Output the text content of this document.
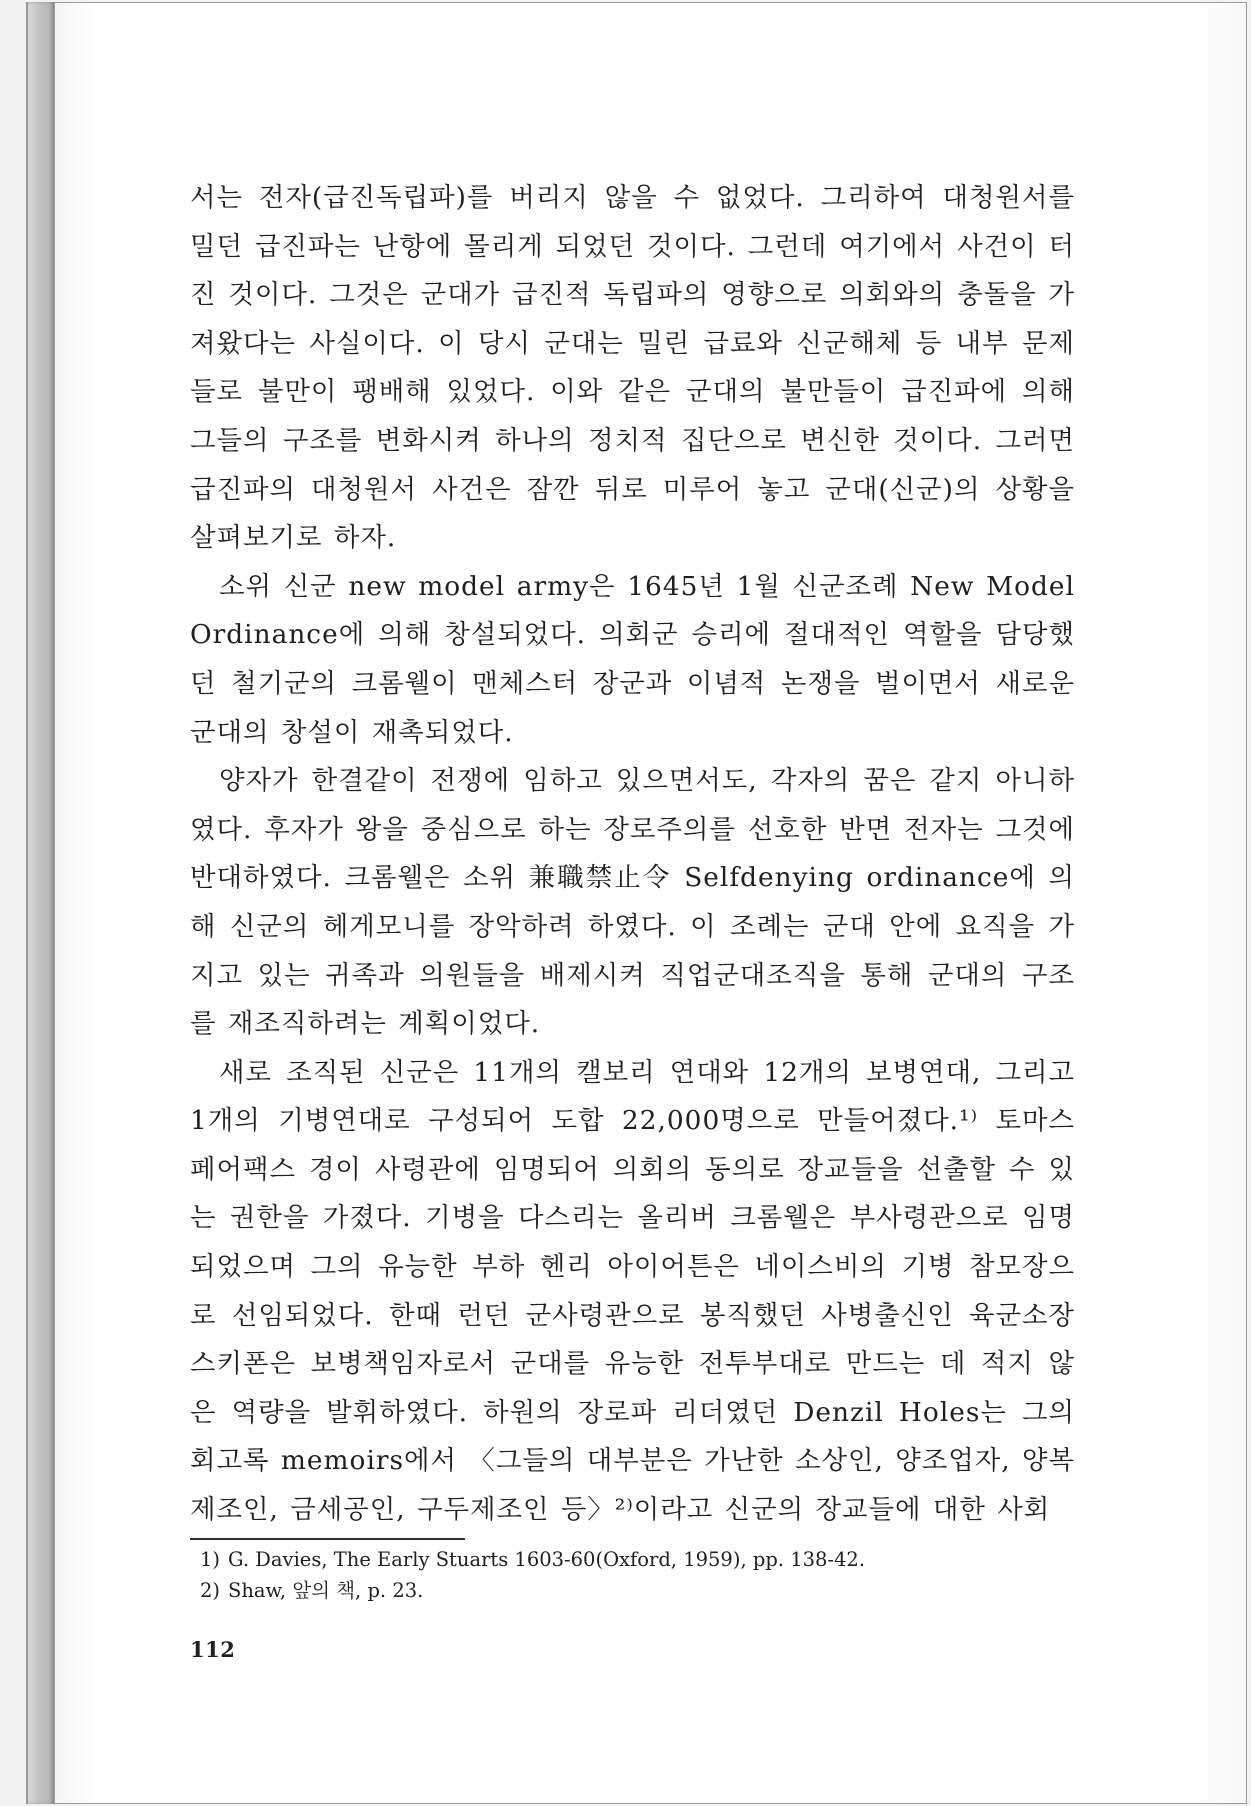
서는 전자(급진독립파)를 버리지 않을 수 없었다. 그리하여 대청원서를 밀던 급진파는 난항에 몰리게 되었던 것이다. 그런데 여기에서 사건이 터진 것이다. 그것은 군대가 급진적 독립파의 영향으로 의회와의 충돌을 가져왔다는 사실이다. 이 당시 군대는 밀린 급료와 신군해체 등 내부 문제들로 불만이 팽배해 있었다. 이와 같은 군대의 불만들이 급진파에 의해 그들의 구조를 변화시켜 하나의 정치적 집단으로 변신한 것이다. 그러면 급진파의 대청원서 사건은 잠깐 뒤로 미루어 놓고 군대(신군)의 상황을 살펴보기로 하자.

소위 신군 new model army은 1645년 1월 신군조례 New Model Ordinance에 의해 창설되었다. 의회군 승리에 절대적인 역할을 담당했던 철기군의 크롬웰이 맨체스터 장군과 이념적 논쟁을 벌이면서 새로운 군대의 창설이 재촉되었다.

양자가 한결같이 전쟁에 임하고 있으면서도, 각자의 꿈은 같지 아니하였다. 후자가 왕을 중심으로 하는 장로주의를 선호한 반면 전자는 그것에 반대하였다. 크롬웰은 소위 兼職禁止令 Selfdenying ordinance에 의해 신군의 헤게모니를 장악하려 하였다. 이 조례는 군대 안에 요직을 가지고 있는 귀족과 의원들을 배제시켜 직업군대조직을 통해 군대의 구조를 재조직하려는 계획이었다.

새로 조직된 신군은 11개의 캘보리 연대와 12개의 보병연대, 그리고 1개의 기병연대로 구성되어 도합 22,000명으로 만들어졌다.¹⁾ 토마스 페어팩스 경이 사령관에 임명되어 의회의 동의로 장교들을 선출할 수 있는 권한을 가졌다. 기병을 다스리는 올리버 크롬웰은 부사령관으로 임명되었으며 그의 유능한 부하 헨리 아이어튼은 네이스비의 기병 참모장으로 선임되었다. 한때 런던 군사령관으로 봉직했던 사병출신인 육군소장 스키폰은 보병책임자로서 군대를 유능한 전투부대로 만드는 데 적지 않은 역량을 발휘하였다. 하원의 장로파 리더였던 Denzil Holes는 그의 회고록 memoirs에서 〈그들의 대부분은 가난한 소상인, 양조업자, 양복제조인, 금세공인, 구두제조인 등〉²⁾이라고 신군의 장교들에 대한 사회

1) G. Davies, The Early Stuarts 1603-60(Oxford, 1959), pp. 138-42.
2) Shaw, 앞의 책, p. 23.
112
